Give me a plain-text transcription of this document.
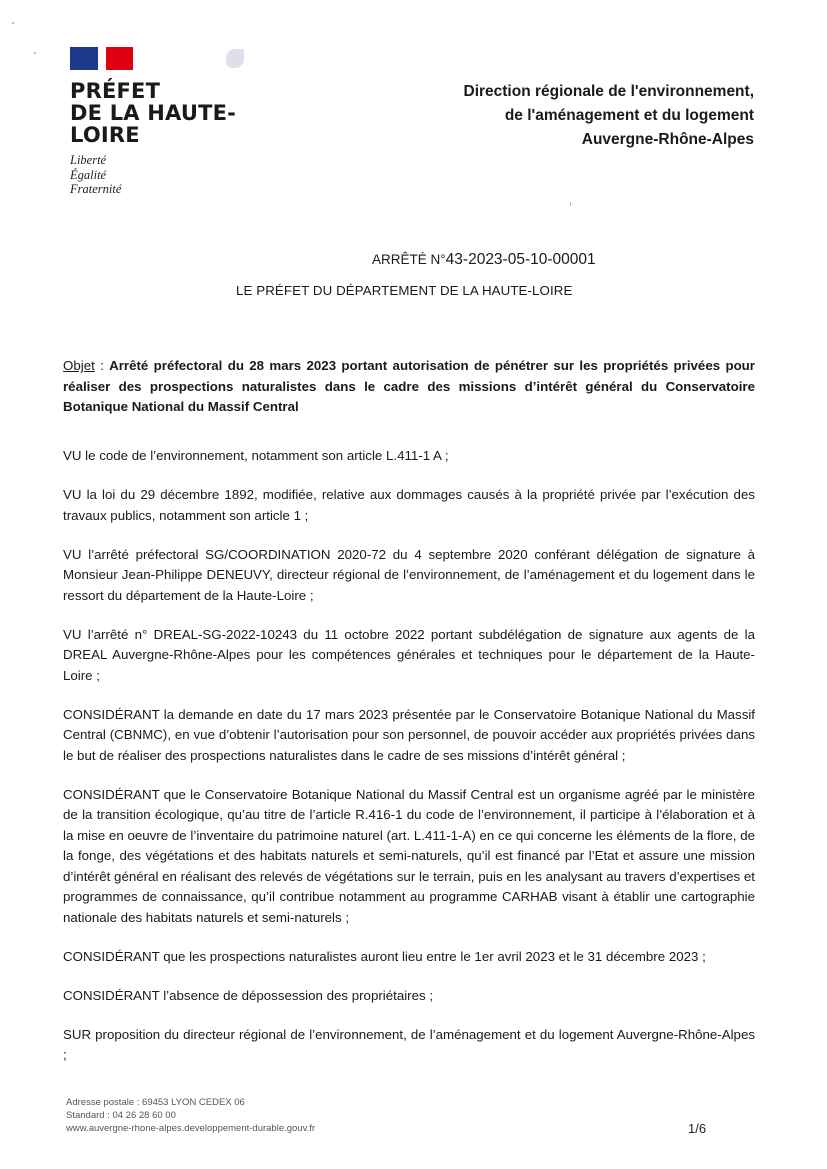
PRÉFET
DE LA HAUTE-
LOIRE
Liberté
Égalité
Fraternité
Direction régionale de l'environnement,
de l'aménagement et du logement
Auvergne-Rhône-Alpes
ARRÊTÉ N°43-2023-05-10-00001
LE PRÉFET DU DÉPARTEMENT DE LA HAUTE-LOIRE
Objet : Arrêté préfectoral du 28 mars 2023 portant autorisation de pénétrer sur les propriétés privées pour réaliser des prospections naturalistes dans le cadre des missions d’intérêt général du Conservatoire Botanique National du Massif Central

VU le code de l’environnement, notamment son article L.411-1 A ;

VU la loi du 29 décembre 1892, modifiée, relative aux dommages causés à la propriété privée par l’exécution des travaux publics, notamment son article 1 ;

VU l’arrêté préfectoral SG/COORDINATION 2020-72 du 4 septembre 2020 conférant délégation de signature à Monsieur Jean-Philippe DENEUVY, directeur régional de l’environnement, de l’aménagement et du logement dans le ressort du département de la Haute-Loire ;

VU l’arrêté n° DREAL-SG-2022-10243 du 11 octobre 2022 portant subdélégation de signature aux agents de la DREAL Auvergne-Rhône-Alpes pour les compétences générales et techniques pour le département de la Haute-Loire ;

CONSIDÉRANT la demande en date du 17 mars 2023 présentée par le Conservatoire Botanique National du Massif Central (CBNMC), en vue d’obtenir l’autorisation pour son personnel, de pouvoir accéder aux propriétés privées dans le but de réaliser des prospections naturalistes dans le cadre de ses missions d’intérêt général ;

CONSIDÉRANT que le Conservatoire Botanique National du Massif Central est un organisme agréé par le ministère de la transition écologique, qu’au titre de l’article R.416-1 du code de l’environnement, il participe à l’élaboration et à la mise en oeuvre de l’inventaire du patrimoine naturel (art. L.411-1-A) en ce qui concerne les éléments de la flore, de la fonge, des végétations et des habitats naturels et semi-naturels, qu’il est financé par l’Etat et assure une mission d’intérêt général en réalisant des relevés de végétations sur le terrain, puis en les analysant au travers d’expertises et programmes de connaissance, qu’il contribue notamment au programme CARHAB visant à établir une cartographie nationale des habitats naturels et semi-naturels ;

CONSIDÉRANT que les prospections naturalistes auront lieu entre le 1er avril 2023 et le 31 décembre 2023 ;

CONSIDÉRANT l’absence de dépossession des propriétaires ;

SUR proposition du directeur régional de l’environnement, de l’aménagement et du logement Auvergne-Rhône-Alpes ;

Adresse postale : 69453 LYON CEDEX 06
Standard : 04 26 28 60 00
www.auvergne-rhone-alpes.developpement-durable.gouv.fr	1/6
